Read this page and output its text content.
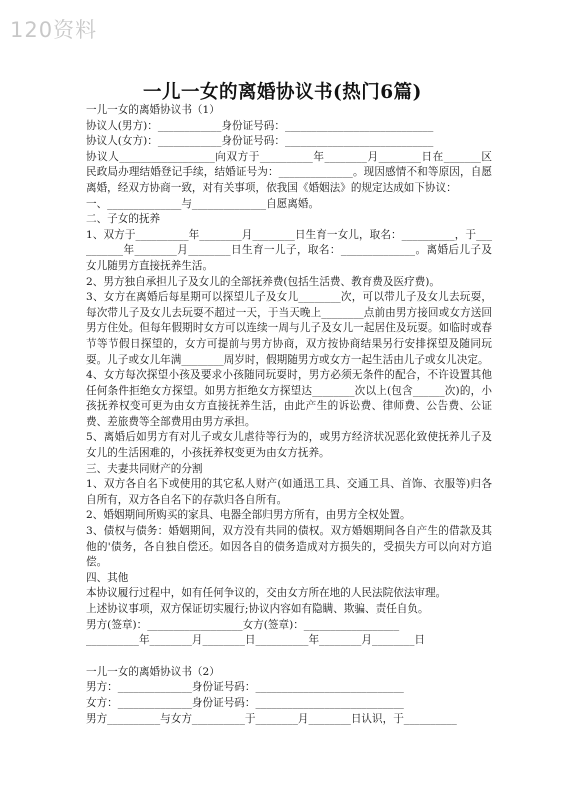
120资料
一儿一女的离婚协议书(热门6篇)

一儿一女的离婚协议书（1）

协议人(男方)：____________身份证号码：____________________________

协议人(女方)：____________身份证号码：____________________________

协议人__________________向双方于__________年________月________日在_______区民政局办理结婚登记手续，结婚证号为：______________。现因感情不和等原因，自愿离婚，经双方协商一致，对有关事项，依我国《婚姻法》的规定达成如下协议：

一、______________与______________自愿离婚。

二、子女的抚养

1、双方于__________年________月________日生育一女儿，取名：__________，于__________年________月________日生育一儿子，取名：______________。离婚后儿子及女儿随男方直接抚养生活。

2、男方独自承担儿子及女儿的全部抚养费(包括生活费、教育费及医疗费)。

3、女方在离婚后每星期可以探望儿子及女儿________次，可以带儿子及女儿去玩耍，每次带儿子及女儿去玩耍不超过一天，于当天晚上________点前由男方接回或女方送回男方住处。但每年假期时女方可以连续一周与儿子及女儿一起居住及玩耍。如临时或春节等节假日探望的，女方可提前与男方协商，双方按协商结果另行安排探望及随同玩耍。儿子或女儿年满________周岁时，假期随男方或女方一起生活由儿子或女儿决定。

4、女方每次探望小孩及要求小孩随同玩耍时，男方必须无条件的配合，不许设置其他任何条件拒绝女方探望。如男方拒绝女方探望达________次以上(包含______次)的，小孩抚养权变可更为由女方直接抚养生活，由此产生的诉讼费、律师费、公告费、公证费、差旅费等全部费用由男方承担。

5、离婚后如男方有对儿子或女儿虐待等行为的，或男方经济状况恶化致使抚养儿子及女儿的生活困难的，小孩抚养权变更为由女方抚养。

三、夫妻共同财产的分割

1、双方各自名下或使用的其它私人财产(如通迅工具、交通工具、首饰、衣服等)归各自所有，双方各自名下的存款归各自所有。

2、婚姻期间所购买的家具、电器全部归男方所有，由男方全权处置。

3、债权与债务：婚姻期间，双方没有共同的债权。双方婚姻期间各自产生的借款及其他的'债务，各自独自偿还。如因各自的债务造成对方损失的，受损失方可以向对方追偿。

四、其他

本协议履行过程中，如有任何争议的，交由女方所在地的人民法院依法审理。

上述协议事项，双方保证切实履行;协议内容如有隐瞒、欺骗、责任自负。

男方(签章)：__________________女方(签章)：__________________

__________年________月________日__________年________月________日

一儿一女的离婚协议书（2）

男方：______________身份证号码：____________________________

女方：______________身份证号码：____________________________

男方__________与女方__________于________月________日认识，于__________
